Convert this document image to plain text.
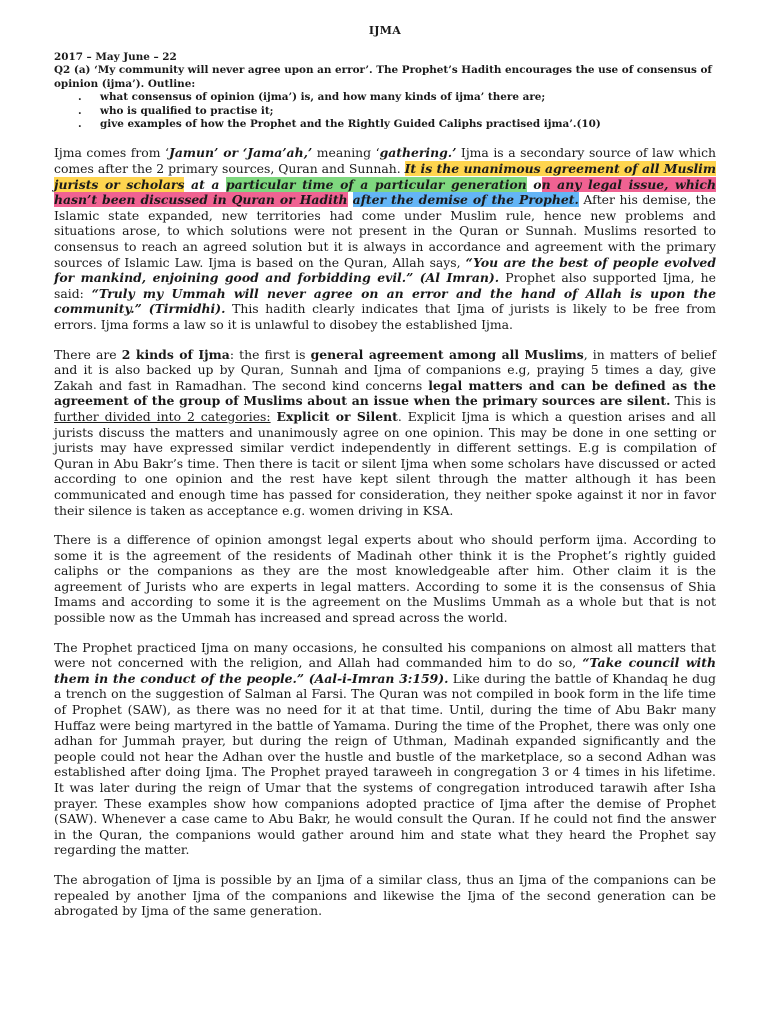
IJMA
2017 – May June – 22
Q2 (a) ‘My community will never agree upon an error’. The Prophet’s Hadith encourages the use of consensus of opinion (ijma’). Outline:
. what consensus of opinion (ijma’) is, and how many kinds of ijma’ there are;
. who is qualified to practise it;
. give examples of how the Prophet and the Rightly Guided Caliphs practised ijma’.(10)

Ijma comes from ‘Jamun’ or ‘Jama’ah,’ meaning ‘gathering.’ Ijma is a secondary source of law which comes after the 2 primary sources, Quran and Sunnah. It is the unanimous agreement of all Muslim jurists or scholars at a particular time of a particular generation on any legal issue, which hasn’t been discussed in Quran or Hadith after the demise of the Prophet. After his demise, the Islamic state expanded, new territories had come under Muslim rule, hence new problems and situations arose, to which solutions were not present in the Quran or Sunnah. Muslims resorted to consensus to reach an agreed solution but it is always in accordance and agreement with the primary sources of Islamic Law. Ijma is based on the Quran, Allah says, “You are the best of people evolved for mankind, enjoining good and forbidding evil.” (Al Imran). Prophet also supported Ijma, he said: “Truly my Ummah will never agree on an error and the hand of Allah is upon the community.” (Tirmidhi). This hadith clearly indicates that Ijma of jurists is likely to be free from errors. Ijma forms a law so it is unlawful to disobey the established Ijma.

There are 2 kinds of Ijma: the first is general agreement among all Muslims, in matters of belief and it is also backed up by Quran, Sunnah and Ijma of companions e.g, praying 5 times a day, give Zakah and fast in Ramadhan. The second kind concerns legal matters and can be defined as the agreement of the group of Muslims about an issue when the primary sources are silent. This is further divided into 2 categories: Explicit or Silent. Explicit Ijma is which a question arises and all jurists discuss the matters and unanimously agree on one opinion. This may be done in one setting or jurists may have expressed similar verdict independently in different settings. E.g is compilation of Quran in Abu Bakr’s time. Then there is tacit or silent Ijma when some scholars have discussed or acted according to one opinion and the rest have kept silent through the matter although it has been communicated and enough time has passed for consideration, they neither spoke against it nor in favor their silence is taken as acceptance e.g. women driving in KSA.

There is a difference of opinion amongst legal experts about who should perform ijma. According to some it is the agreement of the residents of Madinah other think it is the Prophet’s rightly guided caliphs or the companions as they are the most knowledgeable after him. Other claim it is the agreement of Jurists who are experts in legal matters. According to some it is the consensus of Shia Imams and according to some it is the agreement on the Muslims Ummah as a whole but that is not possible now as the Ummah has increased and spread across the world.

The Prophet practiced Ijma on many occasions, he consulted his companions on almost all matters that were not concerned with the religion, and Allah had commanded him to do so, “Take council with them in the conduct of the people.” (Aal-i-Imran 3:159). Like during the battle of Khandaq he dug a trench on the suggestion of Salman al Farsi. The Quran was not compiled in book form in the life time of Prophet (SAW), as there was no need for it at that time. Until, during the time of Abu Bakr many Huffaz were being martyred in the battle of Yamama. During the time of the Prophet, there was only one adhan for Jummah prayer, but during the reign of Uthman, Madinah expanded significantly and the people could not hear the Adhan over the hustle and bustle of the marketplace, so a second Adhan was established after doing Ijma. The Prophet prayed taraweeh in congregation 3 or 4 times in his lifetime. It was later during the reign of Umar that the systems of congregation introduced tarawih after Isha prayer. These examples show how companions adopted practice of Ijma after the demise of Prophet (SAW). Whenever a case came to Abu Bakr, he would consult the Quran. If he could not find the answer in the Quran, the companions would gather around him and state what they heard the Prophet say regarding the matter.

The abrogation of Ijma is possible by an Ijma of a similar class, thus an Ijma of the companions can be repealed by another Ijma of the companions and likewise the Ijma of the second generation can be abrogated by Ijma of the same generation.
